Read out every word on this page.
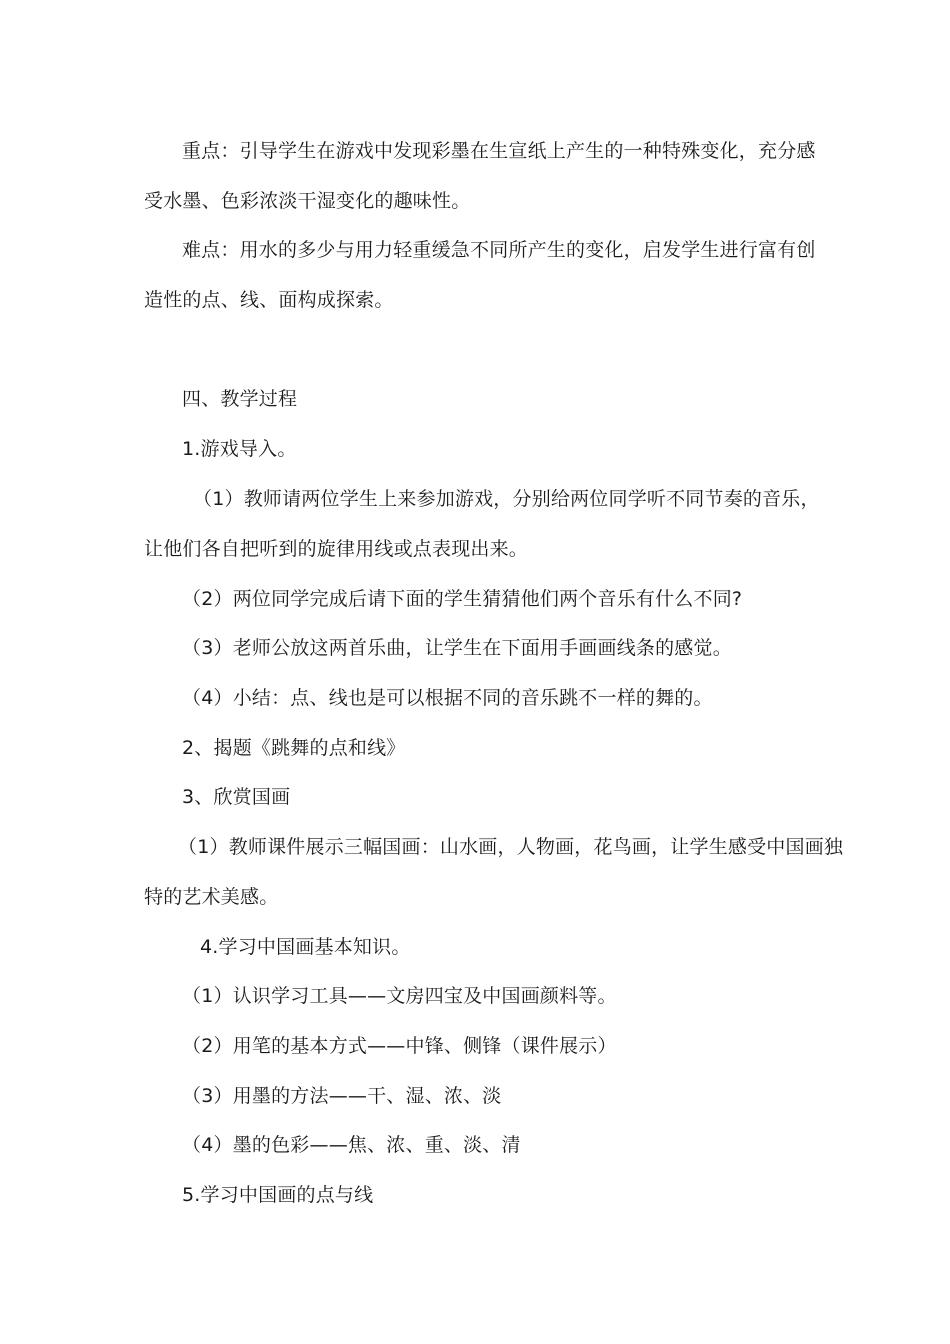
重点：引导学生在游戏中发现彩墨在生宣纸上产生的一种特殊变化，充分感
受水墨、色彩浓淡干湿变化的趣味性。
难点：用水的多少与用力轻重缓急不同所产生的变化，启发学生进行富有创
造性的点、线、面构成探索。
四、教学过程
1.游戏导入。
（1）教师请两位学生上来参加游戏，分别给两位同学听不同节奏的音乐，
让他们各自把听到的旋律用线或点表现出来。
（2）两位同学完成后请下面的学生猜猜他们两个音乐有什么不同?
（3）老师公放这两首乐曲，让学生在下面用手画画线条的感觉。
（4）小结：点、线也是可以根据不同的音乐跳不一样的舞的。
2、揭题《跳舞的点和线》
3、欣赏国画
（1）教师课件展示三幅国画：山水画，人物画，花鸟画，让学生感受中国画独
特的艺术美感。
4.学习中国画基本知识。
（1）认识学习工具——文房四宝及中国画颜料等。
（2）用笔的基本方式——中锋、侧锋（课件展示）
（3）用墨的方法——干、湿、浓、淡
（4）墨的色彩——焦、浓、重、淡、清
5.学习中国画的点与线
